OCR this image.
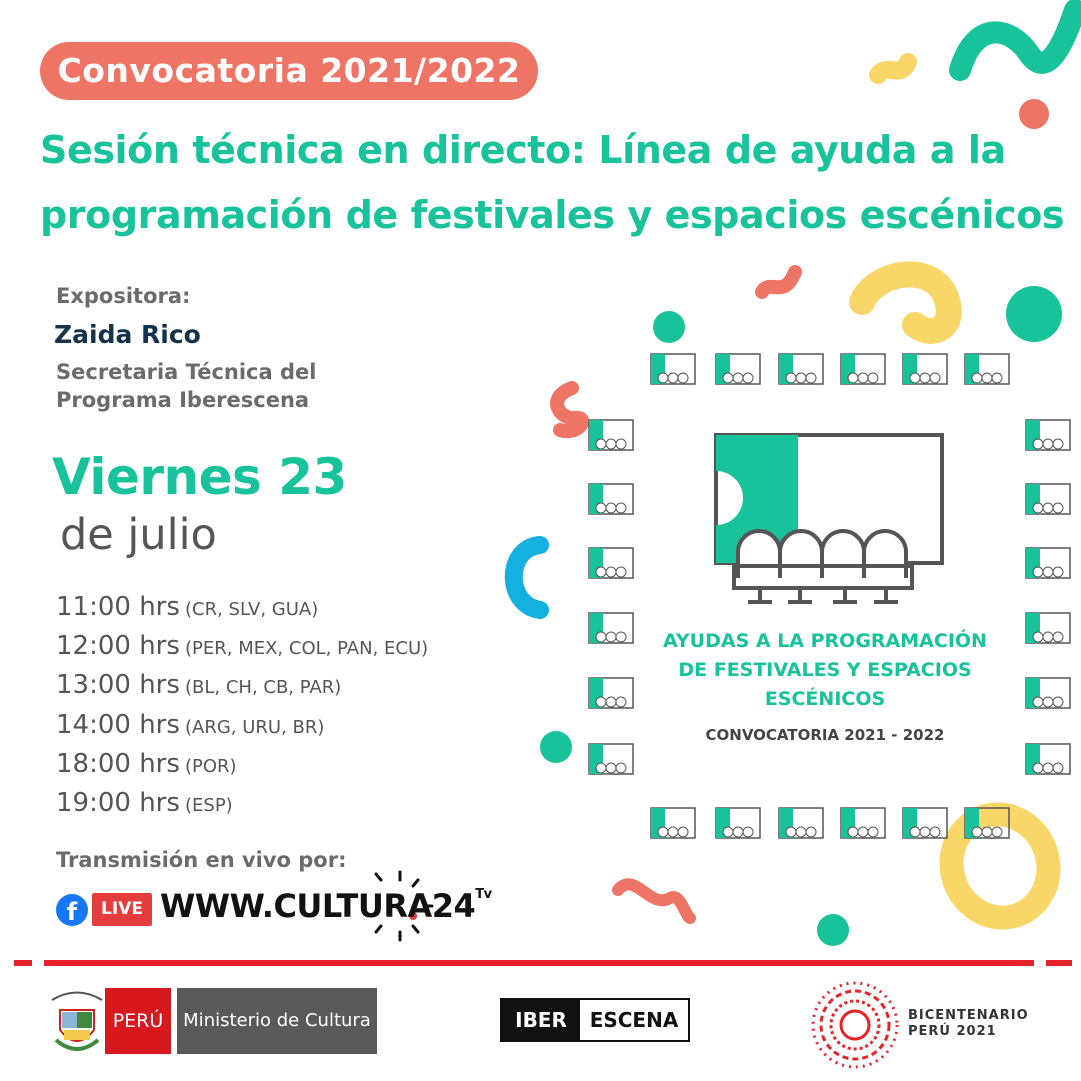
Convocatoria 2021/2022
Sesión técnica en directo: Línea de ayuda a la
programación de festivales y espacios escénicos
Expositora:
Zaida Rico
Secretaria Técnica del
Programa Iberescena
Viernes 23
de julio
11:00 hrs (CR, SLV, GUA)
12:00 hrs (PER, MEX, COL, PAN, ECU)
13:00 hrs (BL, CH, CB, PAR)
14:00 hrs (ARG, URU, BR)
18:00 hrs (POR)
19:00 hrs (ESP)
Transmisión en vivo por:
f	LIVE $WWW.CULTURA24^{Tv}$
AYUDAS A LA PROGRAMACIÓN
DE FESTIVALES Y ESPACIOS
ESCÉNICOS
CONVOCATORIA 2021 - 2022
PERÚ	Ministerio de Cultura	IBER	ESCENA	BICENTENARIO
PERÚ 2021
